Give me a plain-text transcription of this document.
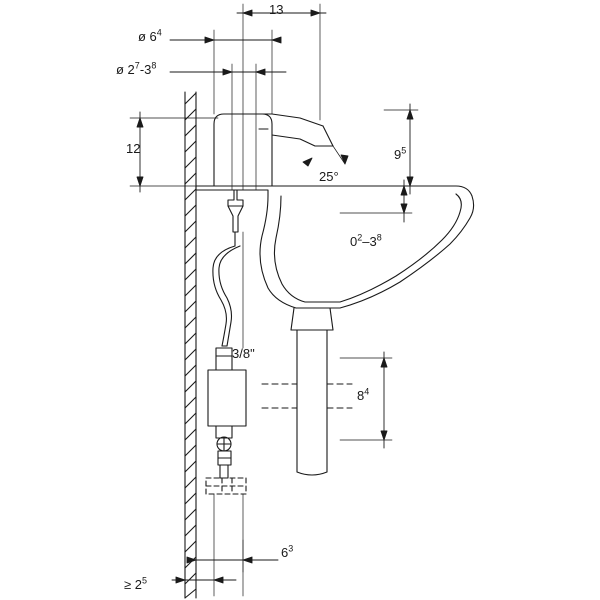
13
ø $6^4$
ø $2^7-3^8$
12	$9^5$
25°
$0^2-3^8$
3/8"
$8^4$
$6^3$
≥ $2^5$
